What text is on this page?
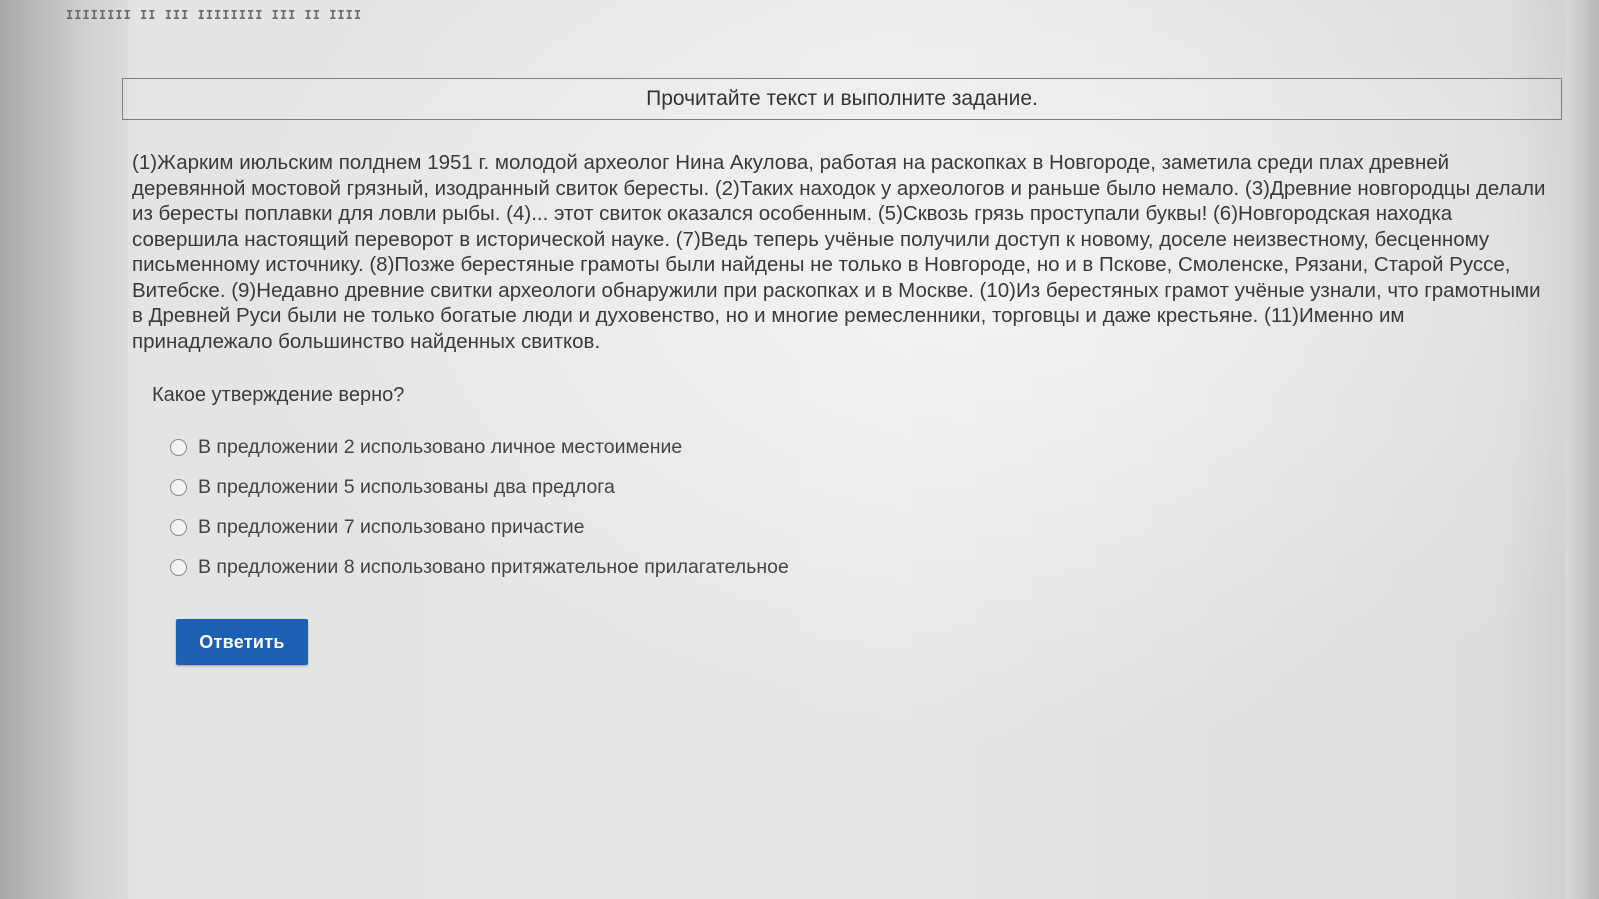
IIIIIIII II III IIIIIIII III II IIII
Прочитайте текст и выполните задание.
(1)Жарким июльским полднем 1951 г. молодой археолог Нина Акулова, работая на раскопках в Новгороде, заметила среди плах древней деревянной мостовой грязный, изодранный свиток бересты. (2)Таких находок у археологов и раньше было немало. (3)Древние новгородцы делали из бересты поплавки для ловли рыбы. (4)... этот свиток оказался особенным. (5)Сквозь грязь проступали буквы! (6)Новгородская находка совершила настоящий переворот в исторической науке. (7)Ведь теперь учёные получили доступ к новому, доселе неизвестному, бесценному письменному источнику. (8)Позже берестяные грамоты были найдены не только в Новгороде, но и в Пскове, Смоленске, Рязани, Старой Руссе, Витебске. (9)Недавно древние свитки археологи обнаружили при раскопках и в Москве. (10)Из берестяных грамот учёные узнали, что грамотными в Древней Руси были не только богатые люди и духовенство, но и многие ремесленники, торговцы и даже крестьяне. (11)Именно им принадлежало большинство найденных свитков.
Какое утверждение верно?
В предложении 2 использовано личное местоимение
В предложении 5 использованы два предлога
В предложении 7 использовано причастие
В предложении 8 использовано притяжательное прилагательное
Ответить
